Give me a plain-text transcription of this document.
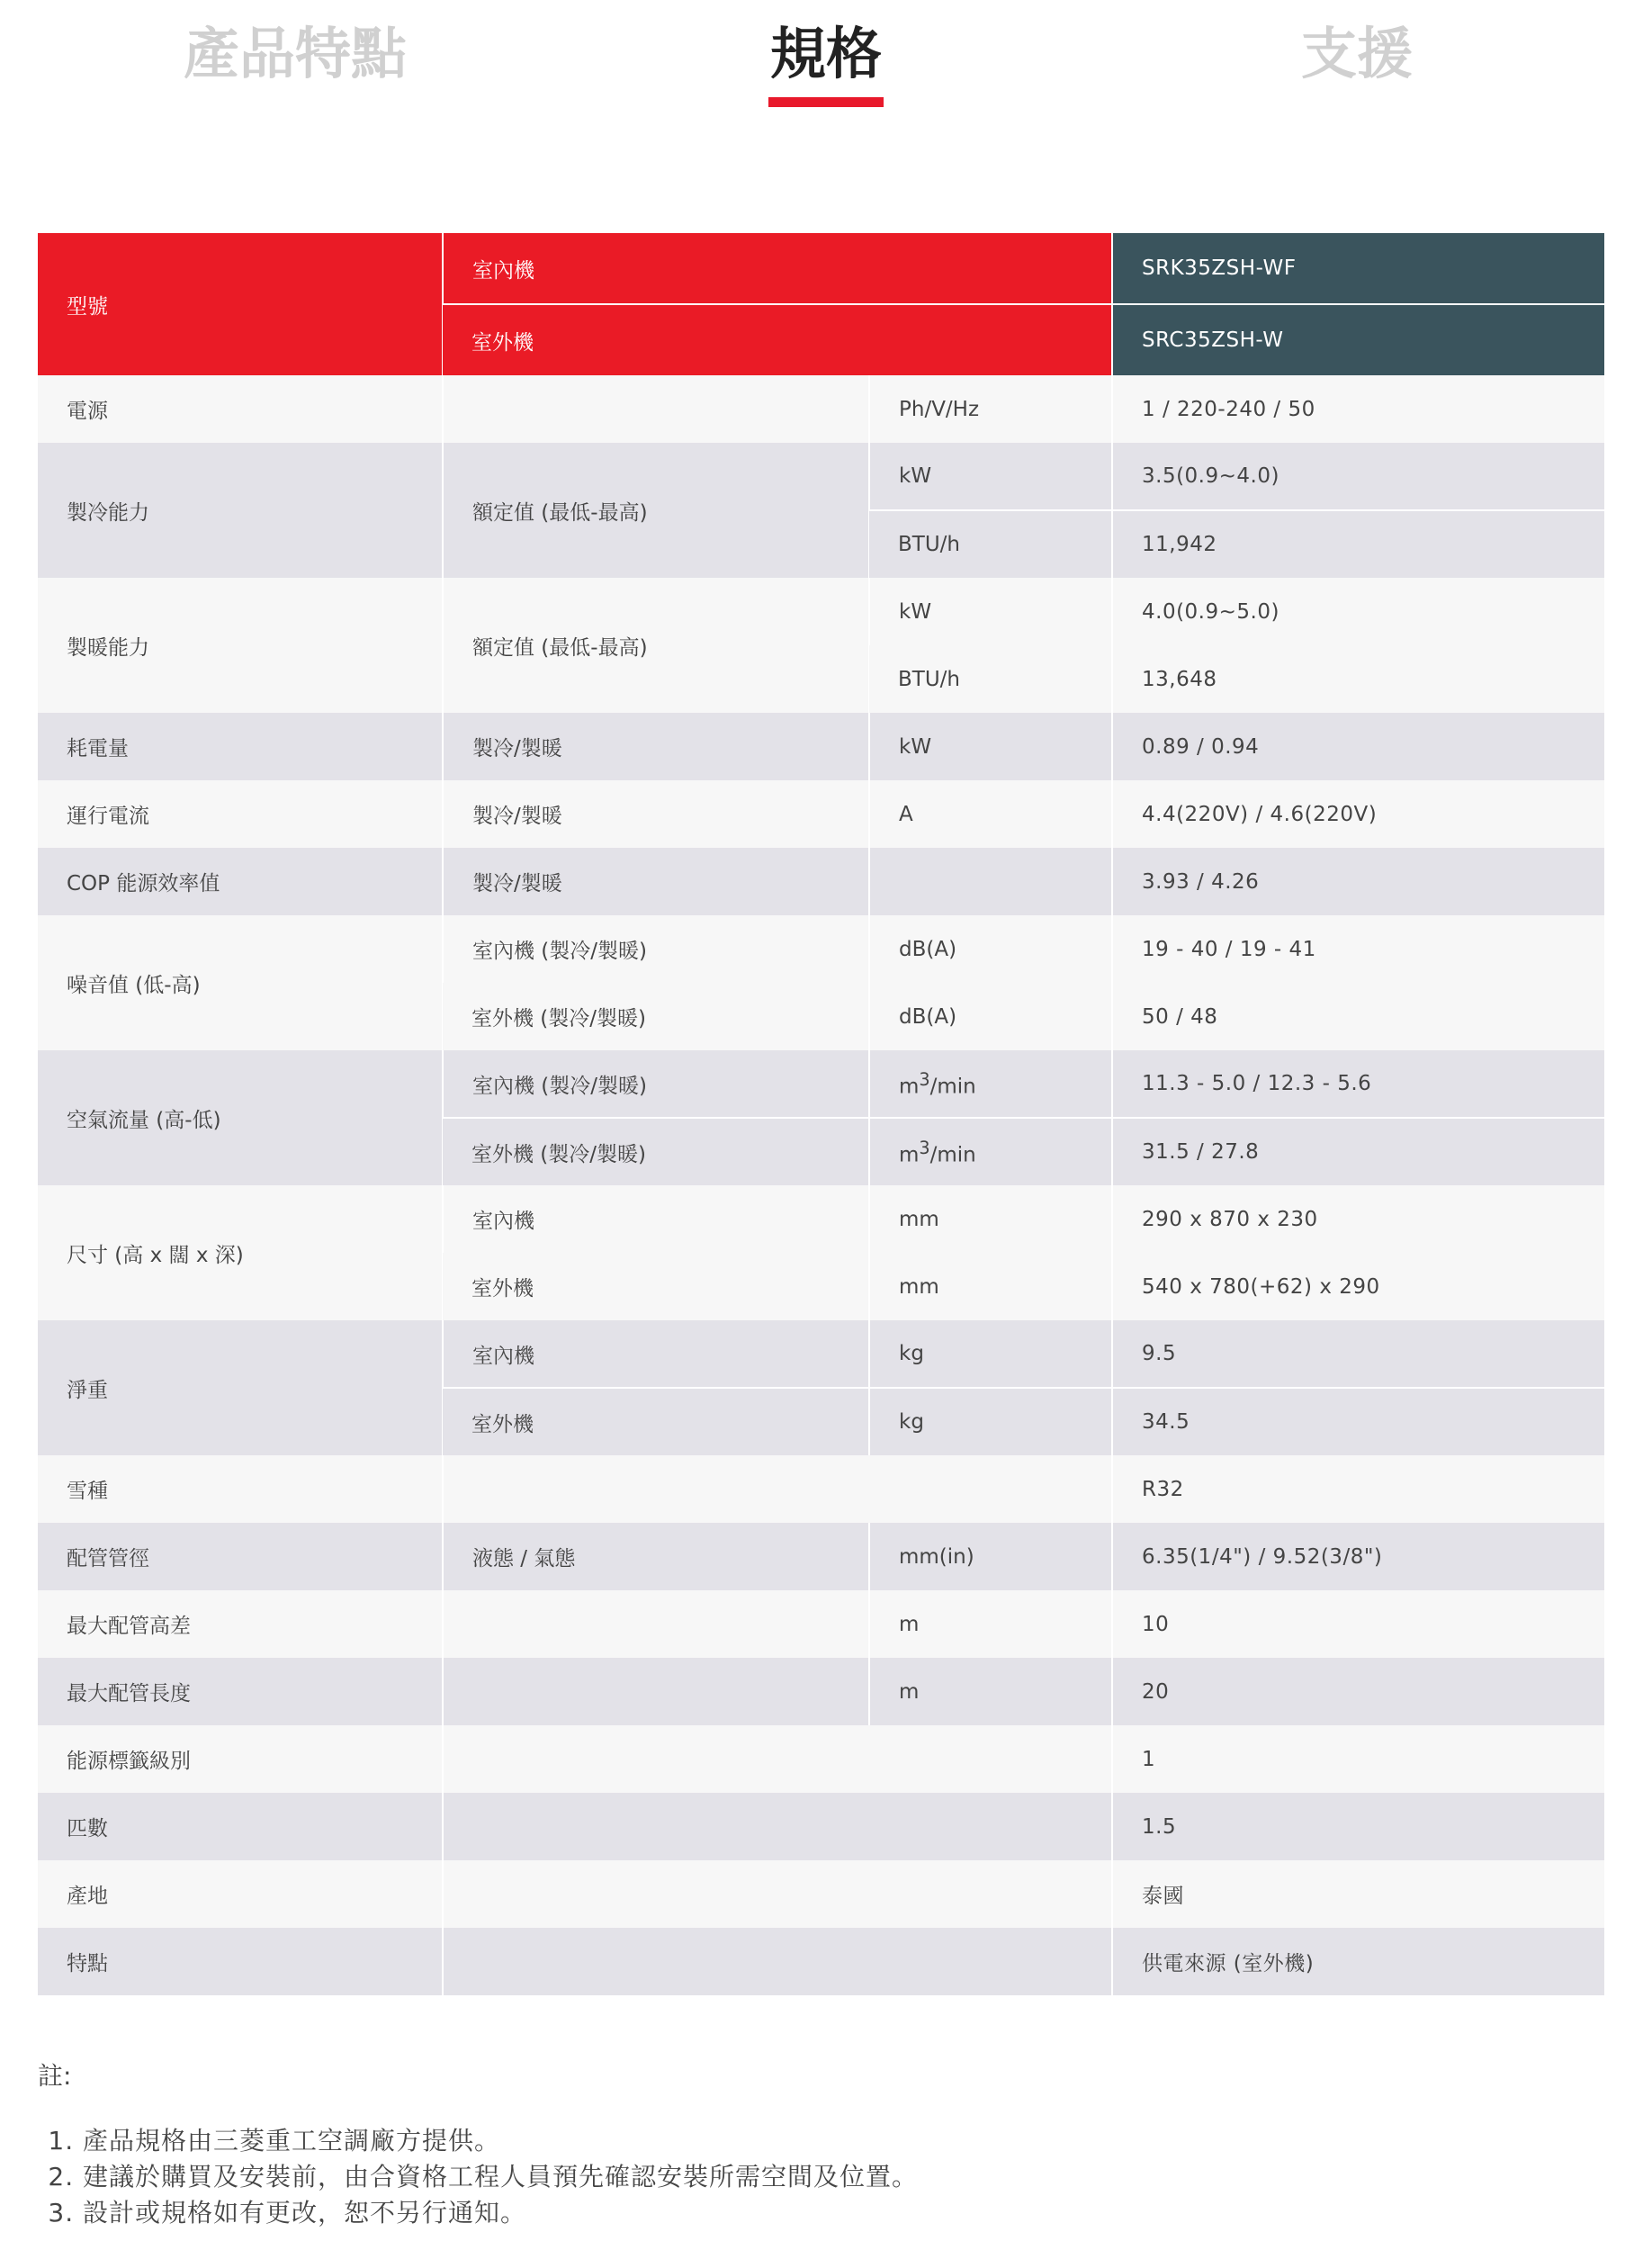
產品特點	規格	支援
型號	室內機		SRK35ZSH-WF
	室外機		SRC35ZSH-W
電源		Ph/V/Hz	1 / 220-240 / 50
製冷能力	額定值 (最低-最高)	kW	3.5(0.9~4.0)
		BTU/h	11,942
製暖能力	額定值 (最低-最高)	kW	4.0(0.9~5.0)
		BTU/h	13,648
耗電量	製冷/製暖	kW	0.89 / 0.94
運行電流	製冷/製暖	A	4.4(220V) / 4.6(220V)
COP 能源效率值	製冷/製暖		3.93 / 4.26
噪音值 (低-高)	室內機 (製冷/製暖)	dB(A)	19 - 40 / 19 - 41
	室外機 (製冷/製暖)	dB(A)	50 / 48
空氣流量 (高-低)	室內機 (製冷/製暖)	$m^3/\min$	11.3 - 5.0 / 12.3 - 5.6
	室外機 (製冷/製暖)	$m^3/\min$	31.5 / 27.8
尺寸 (高 x 闊 x 深)	室內機	mm	290 x 870 x 230
	室外機	mm	540 x 780(+62) x 290
淨重	室內機	kg	9.5
	室外機	kg	34.5
雪種			R32
配管管徑	液態 / 氣態	mm(in)	6.35(1/4") / 9.52(3/8")
最大配管高差		m	10
最大配管長度		m	20
能源標籤級別			1
匹數			1.5
產地			泰國
特點			供電來源 (室外機)
註:
1. 產品規格由三菱重工空調廠方提供。
2. 建議於購買及安裝前，由合資格工程人員預先確認安裝所需空間及位置。
3. 設計或規格如有更改，恕不另行通知。
